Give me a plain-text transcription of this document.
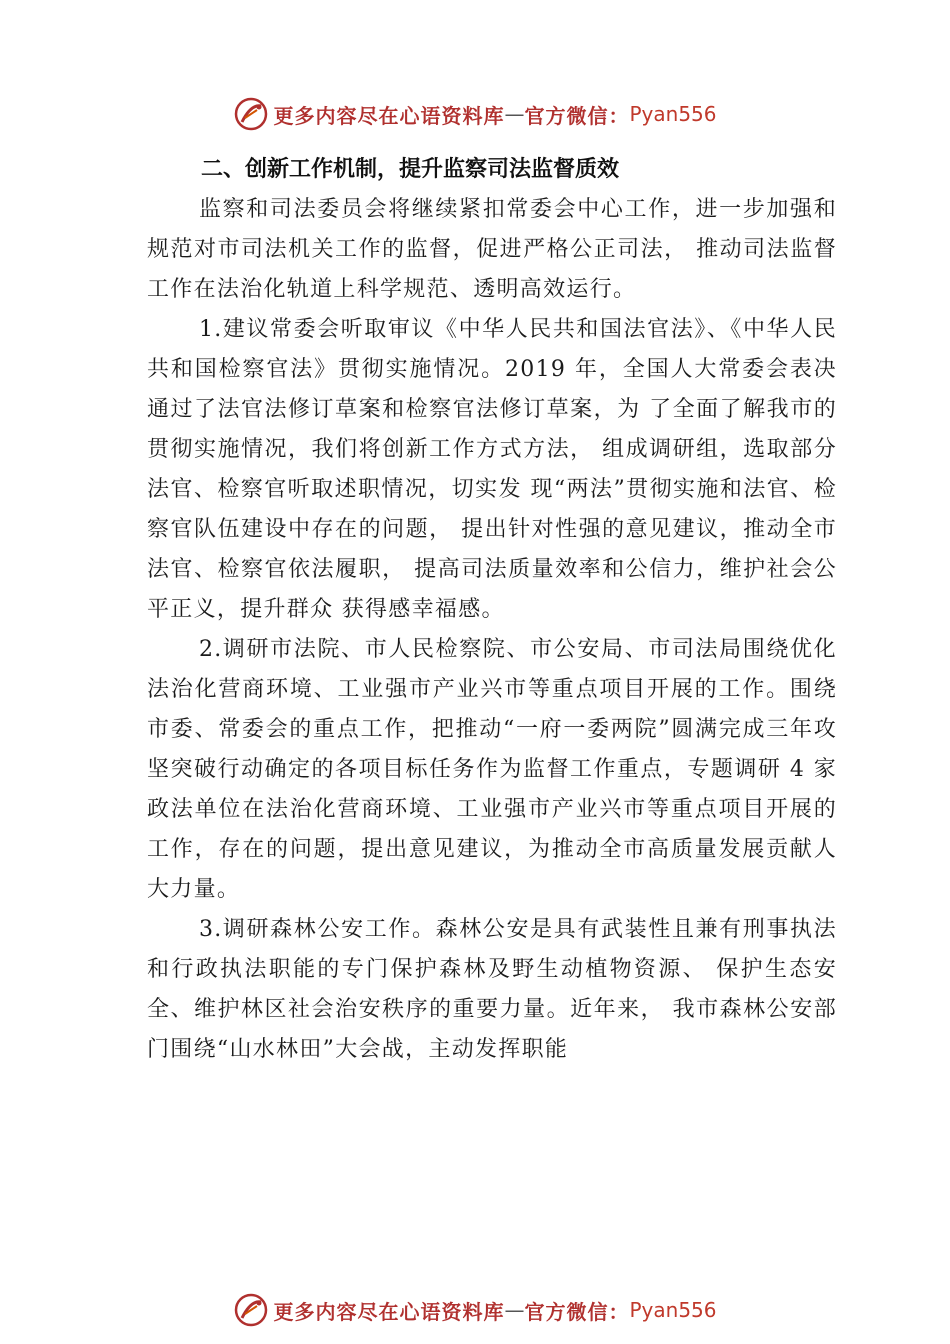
更多内容尽在心语资料库 — 官方微信： Pyan556
二、创新工作机制，提升监察司法监督质效

监察和司法委员会将继续紧扣常委会中心工作，进一步加强和规范对市司法机关工作的监督，促进严格公正司法， 推动司法监督工作在法治化轨道上科学规范、透明高效运行。

1.建议常委会听取审议《中华人民共和国法官法》、《中华人民共和国检察官法》贯彻实施情况。2019 年，全国人大常委会表决通过了法官法修订草案和检察官法修订草案，为 了全面了解我市的贯彻实施情况，我们将创新工作方式方法， 组成调研组，选取部分法官、检察官听取述职情况，切实发 现“两法”贯彻实施和法官、检察官队伍建设中存在的问题， 提出针对性强的意见建议，推动全市法官、检察官依法履职， 提高司法质量效率和公信力，维护社会公平正义，提升群众 获得感幸福感。

2.调研市法院、市人民检察院、市公安局、市司法局围绕优化法治化营商环境、工业强市产业兴市等重点项目开展的工作。围绕市委、常委会的重点工作，把推动“一府一委两院”圆满完成三年攻坚突破行动确定的各项目标任务作为监督工作重点，专题调研 4 家政法单位在法治化营商环境、工业强市产业兴市等重点项目开展的工作，存在的问题，提出意见建议，为推动全市高质量发展贡献人大力量。

3.调研森林公安工作。森林公安是具有武装性且兼有刑事执法和行政执法职能的专门保护森林及野生动植物资源、 保护生态安全、维护林区社会治安秩序的重要力量。近年来， 我市森林公安部门围绕“山水林田”大会战，主动发挥职能

更多内容尽在心语资料库 — 官方微信： Pyan556
